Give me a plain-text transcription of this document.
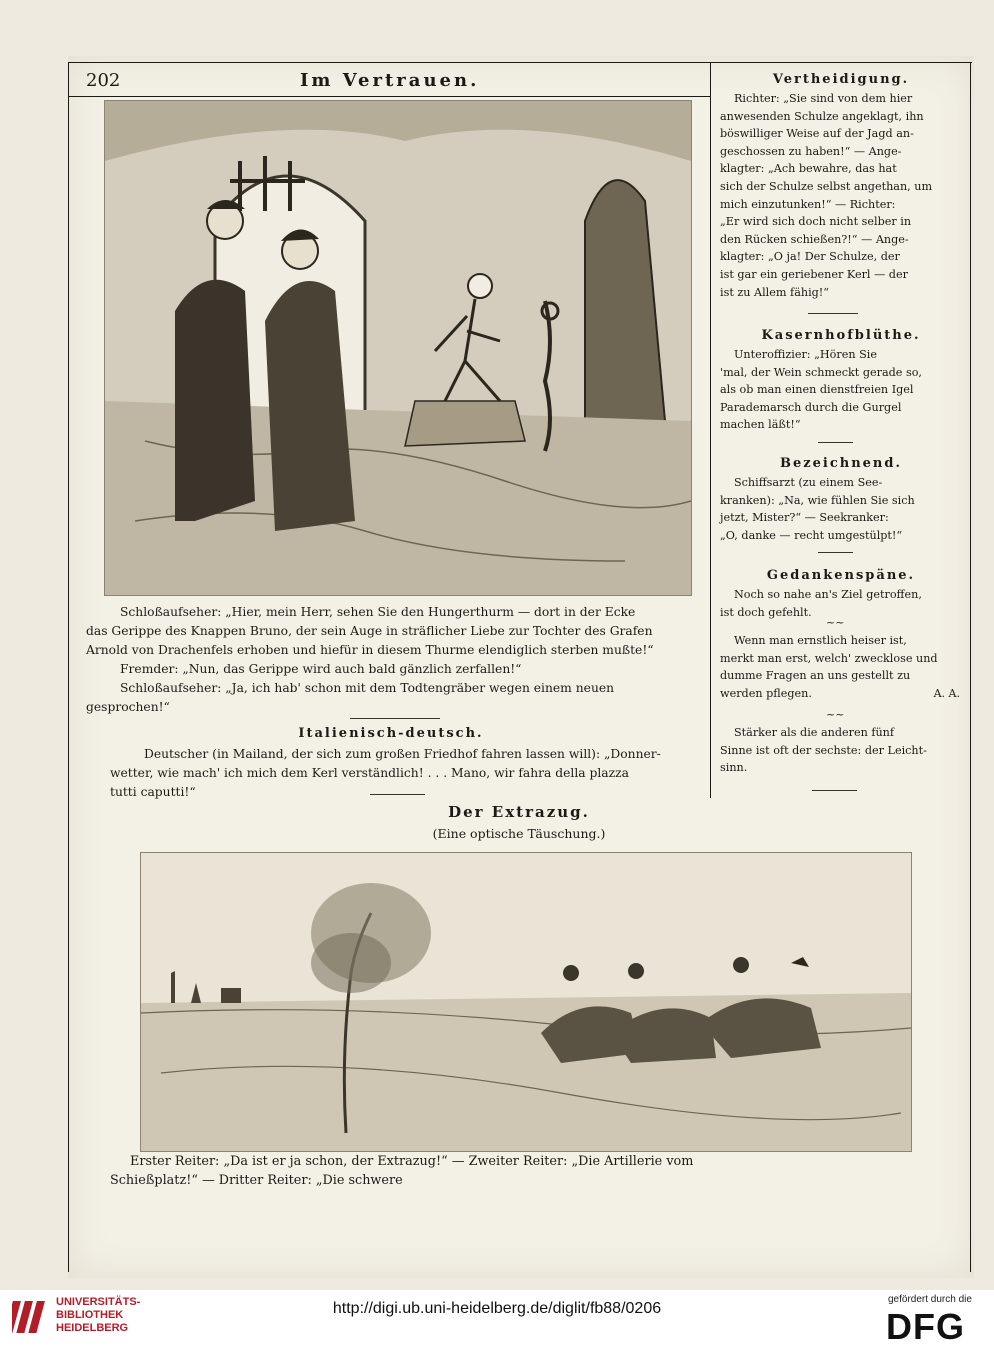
202	Im Vertrauen.
Schloßaufseher: „Hier, mein Herr, sehen Sie den Hungerthurm — dort in der Ecke
das Gerippe des Knappen Bruno, der sein Auge in sträflicher Liebe zur Tochter des Grafen
Arnold von Drachenfels erhoben und hiefür in diesem Thurme elendiglich sterben mußte!“
Fremder: „Nun, das Gerippe wird auch bald gänzlich zerfallen!“
Schloßaufseher: „Ja, ich hab' schon mit dem Todtengräber wegen einem neuen
gesprochen!“
Italienisch-deutsch.
Deutscher (in Mailand, der sich zum großen Friedhof fahren lassen will): „Donner-
wetter, wie mach' ich mich dem Kerl verständlich! . . . Mano, wir fahra della plazza
tutti caputti!“
Der Extrazug.
(Eine optische Täuschung.)
Erster Reiter: „Da ist er ja schon, der Extrazug!“ — Zweiter Reiter: „Die Artillerie vom
Schießplatz!“ — Dritter Reiter: „Die schwere
Vertheidigung.
Richter: „Sie sind von dem hier
anwesenden Schulze angeklagt, ihn
böswilliger Weise auf der Jagd an-
geschossen zu haben!“ — Ange-
klagter: „Ach bewahre, das hat
sich der Schulze selbst angethan, um
mich einzutunken!“ — Richter:
„Er wird sich doch nicht selber in
den Rücken schießen?!“ — Ange-
klagter: „O ja! Der Schulze, der
ist gar ein geriebener Kerl — der
ist zu Allem fähig!“
Kasernhofblüthe.
Unteroffizier: „Hören Sie
'mal, der Wein schmeckt gerade so,
als ob man einen dienstfreien Igel
Parademarsch durch die Gurgel
machen läßt!“
Bezeichnend.
Schiffsarzt (zu einem See-
kranken): „Na, wie fühlen Sie sich
jetzt, Mister?“ — Seekranker:
„O, danke — recht umgestülpt!“
Gedankenspäne.
Noch so nahe an's Ziel getroffen,
ist doch gefehlt.
~~
Wenn man ernstlich heiser ist,
merkt man erst, welch' zwecklose und
dumme Fragen an uns gestellt zu
werden pflegen.	A. A.
~~
Stärker als die anderen fünf
Sinne ist oft der sechste: der Leicht-
sinn.
UNIVERSITÄTS-
BIBLIOTHEK
HEIDELBERG
http://digi.ub.uni-heidelberg.de/diglit/fb88/0206
gefördert durch die
DFG
